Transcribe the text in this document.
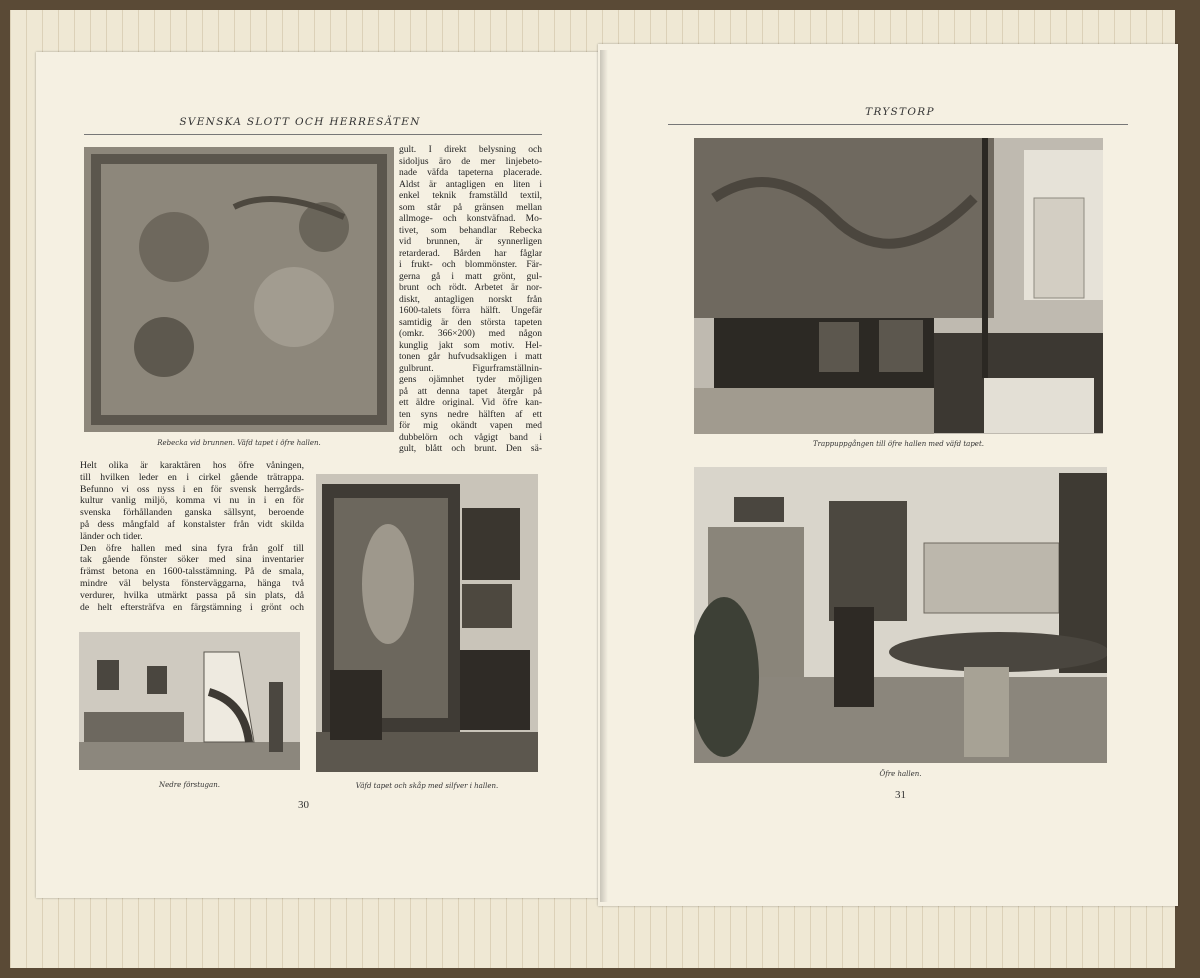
SVENSKA SLOTT OCH HERRESÄTEN
Rebecka vid brunnen. Väfd tapet i öfre hallen.
gult. I direkt belysning och
sidoljus äro de mer linjebeto-
nade väfda tapeterna placerade.
Äldst är antagligen en liten i
enkel teknik framställd textil,
som står på gränsen mellan
allmoge- och konstväfnad. Mo-
tivet, som behandlar Rebecka
vid brunnen, är synnerligen
retarderad. Bården har fåglar
i frukt- och blommönster. Fär-
gerna gå i matt grönt, gul-
brunt och rödt. Arbetet är nor-
diskt, antagligen norskt från
1600-talets förra hälft. Ungefär
samtidig är den största tapeten
(omkr. 366×200) med någon
kunglig jakt som motiv. Hel-
tonen går hufvudsakligen i matt
gulbrunt. Figurframställnin-
gens ojämnhet tyder möjligen
på att denna tapet återgår på
ett äldre original. Vid öfre kan-
ten syns nedre hälften af ett
för mig okändt vapen med
dubbelörn och vågigt band i
gult, blått och brunt. Den sä-
Helt olika är karaktären hos öfre våningen,
till hvilken leder en i cirkel gående trätrappa.
Befunno vi oss nyss i en för svensk herrgårds-
kultur vanlig miljö, komma vi nu in i en för
svenska förhållanden ganska sällsynt, beroende
på dess mångfald af konstalster från vidt skilda
länder och tider.
Den öfre hallen med sina fyra från golf till
tak gående fönster söker med sina inventarier
främst betona en 1600-talsstämning. På de smala,
mindre väl belysta fönsterväggarna, hänga två
verdurer, hvilka utmärkt passa på sin plats, då
de helt eftersträfva en färgstämning i grönt och
Nedre förstugan.	Väfd tapet och skåp med silfver i hallen.
30
TRYSTORP
Trappuppgången till öfre hallen med väfd tapet.
Öfre hallen.
31
